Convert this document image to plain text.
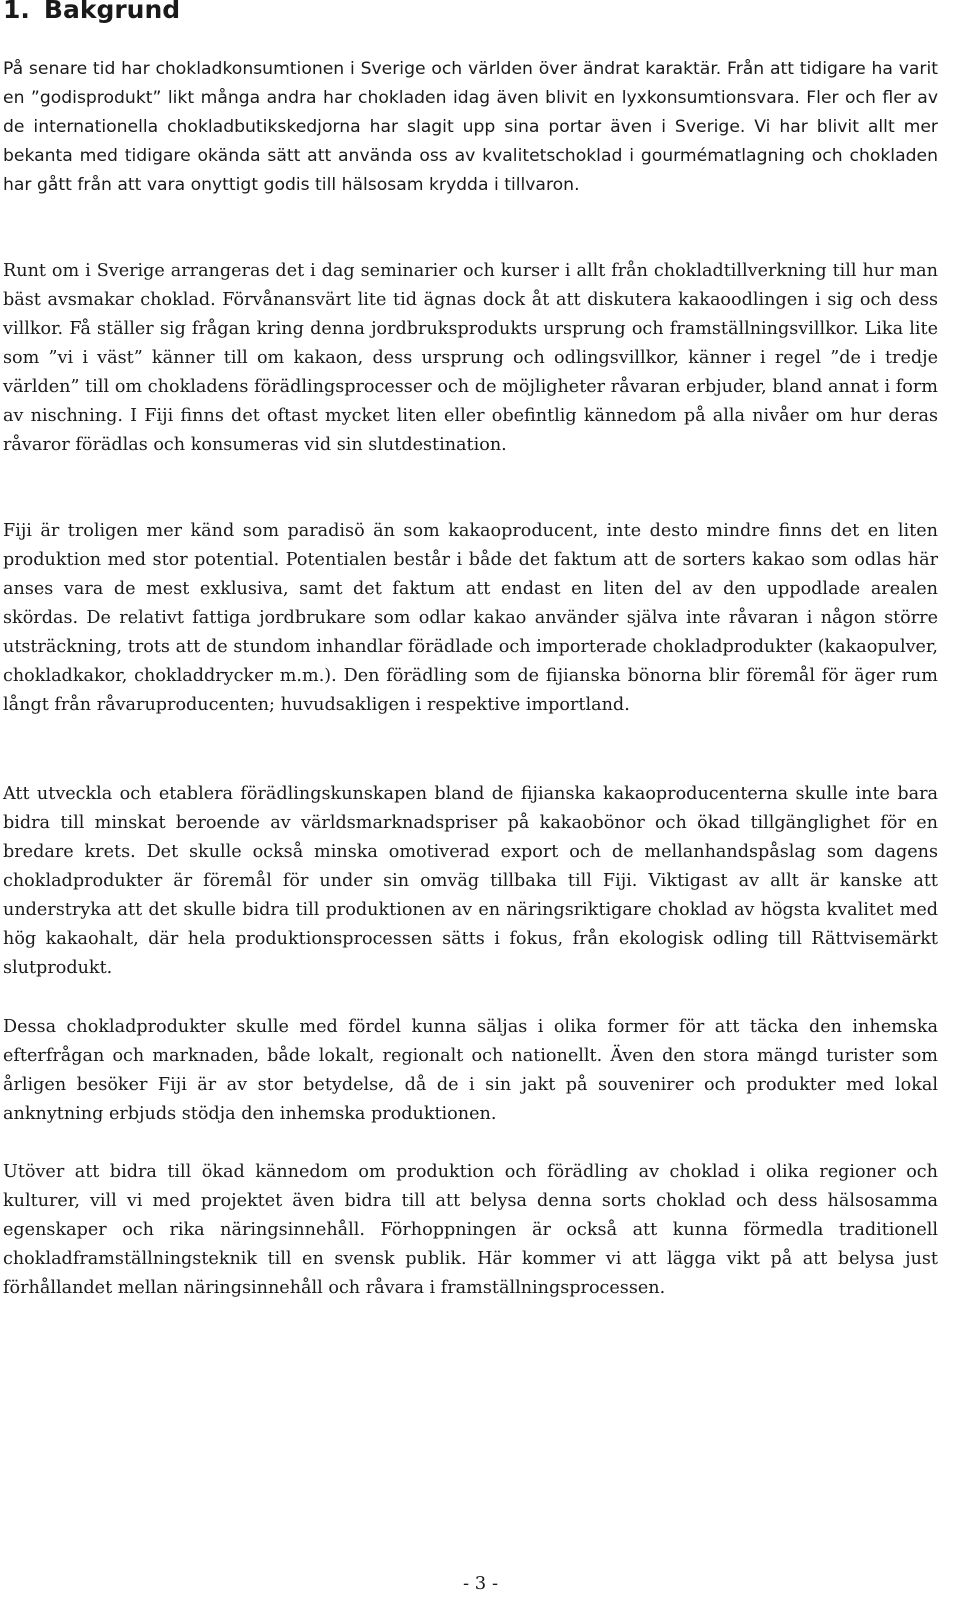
1. Bakgrund

På senare tid har chokladkonsumtionen i Sverige och världen över ändrat karaktär. Från att tidigare ha varit en ”godisprodukt” likt många andra har chokladen idag även blivit en lyxkonsumtionsvara. Fler och fler av de internationella chokladbutikskedjorna har slagit upp sina portar även i Sverige. Vi har blivit allt mer bekanta med tidigare okända sätt att använda oss av kvalitetschoklad i gourmématlagning och chokladen har gått från att vara onyttigt godis till hälsosam krydda i tillvaron.

Runt om i Sverige arrangeras det i dag seminarier och kurser i allt från chokladtillverkning till hur man bäst avsmakar choklad. Förvånansvärt lite tid ägnas dock åt att diskutera kakaoodlingen i sig och dess villkor. Få ställer sig frågan kring denna jordbruksprodukts ursprung och framställningsvillkor. Lika lite som ”vi i väst” känner till om kakaon, dess ursprung och odlingsvillkor, känner i regel ”de i tredje världen” till om chokladens förädlingsprocesser och de möjligheter råvaran erbjuder, bland annat i form av nischning. I Fiji finns det oftast mycket liten eller obefintlig kännedom på alla nivåer om hur deras råvaror förädlas och konsumeras vid sin slutdestination.

Fiji är troligen mer känd som paradisö än som kakaoproducent, inte desto mindre finns det en liten produktion med stor potential. Potentialen består i både det faktum att de sorters kakao som odlas här anses vara de mest exklusiva, samt det faktum att endast en liten del av den uppodlade arealen skördas. De relativt fattiga jordbrukare som odlar kakao använder själva inte råvaran i någon större utsträckning, trots att de stundom inhandlar förädlade och importerade chokladprodukter (kakaopulver, chokladkakor, chokladdrycker m.m.). Den förädling som de fijianska bönorna blir föremål för äger rum långt från råvaruproducenten; huvudsakligen i respektive importland.

Att utveckla och etablera förädlingskunskapen bland de fijianska kakaoproducenterna skulle inte bara bidra till minskat beroende av världsmarknadspriser på kakaobönor och ökad tillgänglighet för en bredare krets. Det skulle också minska omotiverad export och de mellanhandspåslag som dagens chokladprodukter är föremål för under sin omväg tillbaka till Fiji. Viktigast av allt är kanske att understryka att det skulle bidra till produktionen av en näringsriktigare choklad av högsta kvalitet med hög kakaohalt, där hela produktionsprocessen sätts i fokus, från ekologisk odling till Rättvisemärkt slutprodukt.

Dessa chokladprodukter skulle med fördel kunna säljas i olika former för att täcka den inhemska efterfrågan och marknaden, både lokalt, regionalt och nationellt. Även den stora mängd turister som årligen besöker Fiji är av stor betydelse, då de i sin jakt på souvenirer och produkter med lokal anknytning erbjuds stödja den inhemska produktionen.

Utöver att bidra till ökad kännedom om produktion och förädling av choklad i olika regioner och kulturer, vill vi med projektet även bidra till att belysa denna sorts choklad och dess hälsosamma egenskaper och rika näringsinnehåll. Förhoppningen är också att kunna förmedla traditionell chokladframställningsteknik till en svensk publik. Här kommer vi att lägga vikt på att belysa just förhållandet mellan näringsinnehåll och råvara i framställningsprocessen.

- 3 -
